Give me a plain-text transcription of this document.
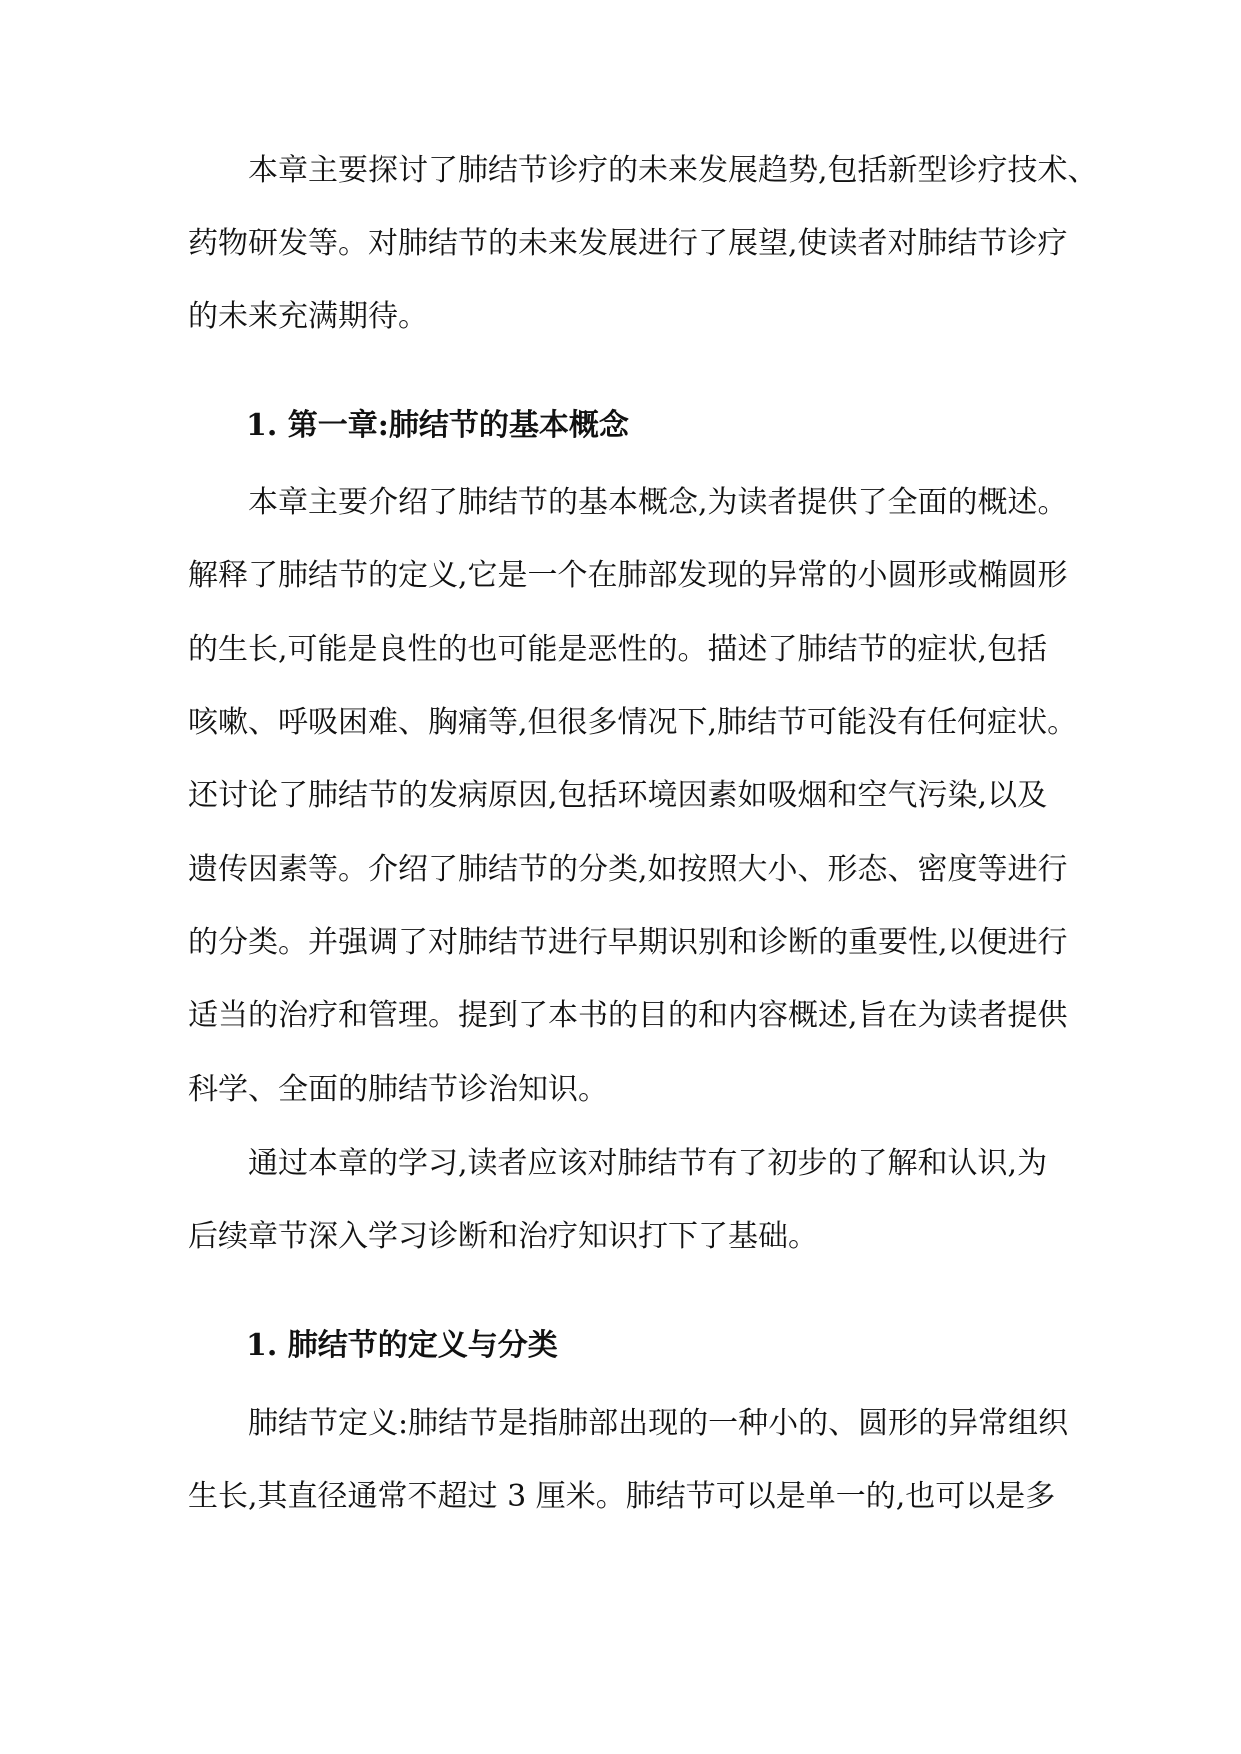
本章主要探讨了肺结节诊疗的未来发展趋势,包括新型诊疗技术、
药物研发等。对肺结节的未来发展进行了展望,使读者对肺结节诊疗
的未来充满期待。
1. 第一章:肺结节的基本概念
本章主要介绍了肺结节的基本概念,为读者提供了全面的概述。
解释了肺结节的定义,它是一个在肺部发现的异常的小圆形或椭圆形
的生长,可能是良性的也可能是恶性的。描述了肺结节的症状,包括
咳嗽、呼吸困难、胸痛等,但很多情况下,肺结节可能没有任何症状。
还讨论了肺结节的发病原因,包括环境因素如吸烟和空气污染,以及
遗传因素等。介绍了肺结节的分类,如按照大小、形态、密度等进行
的分类。并强调了对肺结节进行早期识别和诊断的重要性,以便进行
适当的治疗和管理。提到了本书的目的和内容概述,旨在为读者提供
科学、全面的肺结节诊治知识。
通过本章的学习,读者应该对肺结节有了初步的了解和认识,为
后续章节深入学习诊断和治疗知识打下了基础。
1. 肺结节的定义与分类
肺结节定义:肺结节是指肺部出现的一种小的、圆形的异常组织
生长,其直径通常不超过 3 厘米。肺结节可以是单一的,也可以是多
